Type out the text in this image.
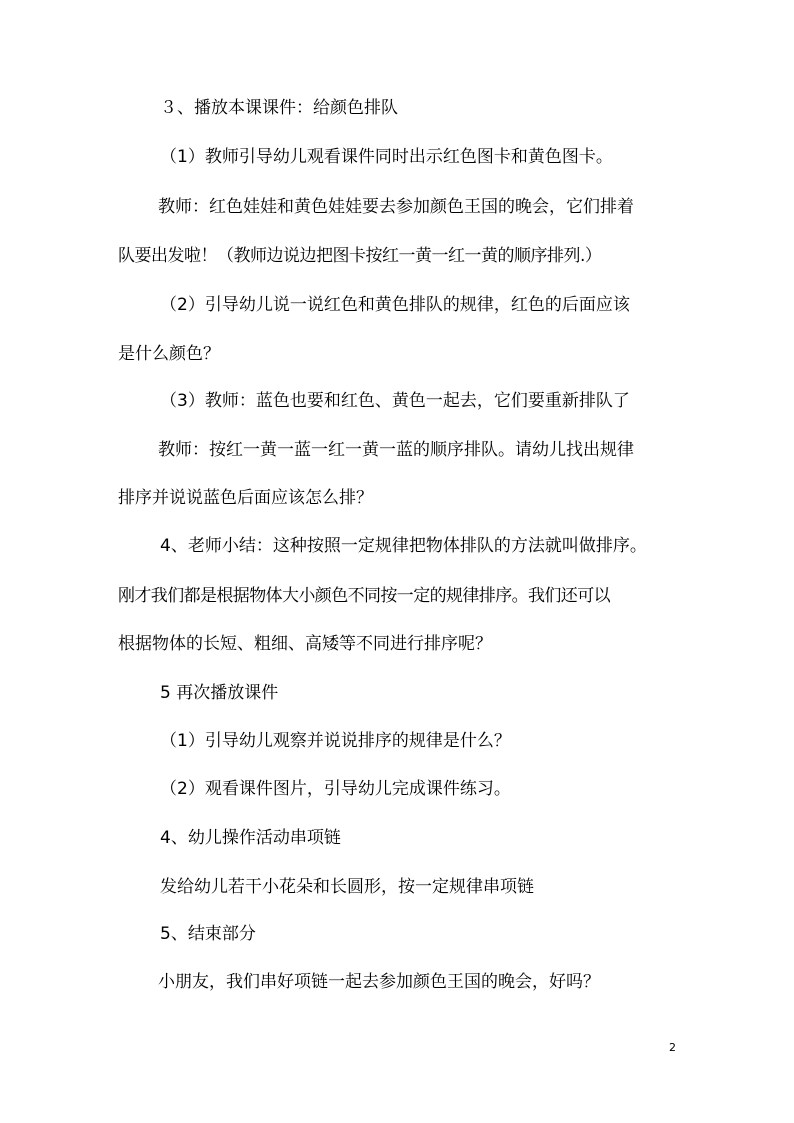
３、播放本课课件：给颜色排队
（1）教师引导幼儿观看课件同时出示红色图卡和黄色图卡。
教师：红色娃娃和黄色娃娃要去参加颜色王国的晚会，它们排着
队要出发啦！（教师边说边把图卡按红一黄一红一黄的顺序排列.）
（2）引导幼儿说一说红色和黄色排队的规律，红色的后面应该
是什么颜色？
（3）教师：蓝色也要和红色、黄色一起去，它们要重新排队了
教师：按红一黄一蓝一红一黄一蓝的顺序排队。请幼儿找出规律
排序并说说蓝色后面应该怎么排？
4、老师小结：这种按照一定规律把物体排队的方法就叫做排序。
刚才我们都是根据物体大小颜色不同按一定的规律排序。我们还可以
根据物体的长短、粗细、高矮等不同进行排序呢？
5 再次播放课件
（1）引导幼儿观察并说说排序的规律是什么？
（2）观看课件图片，引导幼儿完成课件练习。
4、幼儿操作活动串项链
发给幼儿若干小花朵和长圆形，按一定规律串项链
5、结束部分
小朋友，我们串好项链一起去参加颜色王国的晚会，好吗？
2
